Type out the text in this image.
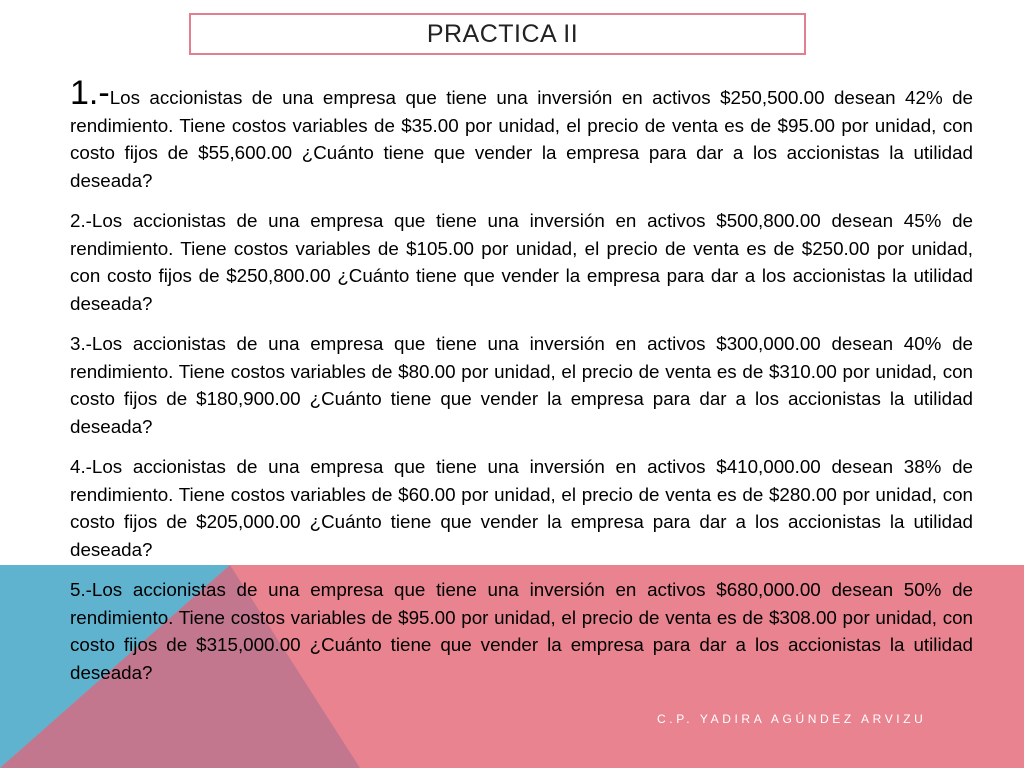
PRACTICA II

1.-Los accionistas de una empresa que tiene una inversión en activos $250,500.00 desean 42% de rendimiento. Tiene costos variables de $35.00 por unidad, el precio de venta es de $95.00 por unidad, con costo fijos de $55,600.00 ¿Cuánto tiene que vender la empresa para dar a los accionistas la utilidad deseada?

2.-Los accionistas de una empresa que tiene una inversión en activos $500,800.00 desean 45% de rendimiento. Tiene costos variables de $105.00 por unidad, el precio de venta es de $250.00 por unidad, con costo fijos de $250,800.00 ¿Cuánto tiene que vender la empresa para dar a los accionistas la utilidad deseada?

3.-Los accionistas de una empresa que tiene una inversión en activos $300,000.00 desean 40% de rendimiento. Tiene costos variables de $80.00 por unidad, el precio de venta es de $310.00 por unidad, con costo fijos de $180,900.00 ¿Cuánto tiene que vender la empresa para dar a los accionistas la utilidad deseada?

4.-Los accionistas de una empresa que tiene una inversión en activos $410,000.00 desean 38% de rendimiento. Tiene costos variables de $60.00 por unidad, el precio de venta es de $280.00 por unidad, con costo fijos de $205,000.00 ¿Cuánto tiene que vender la empresa para dar a los accionistas la utilidad deseada?

5.-Los accionistas de una empresa que tiene una inversión en activos $680,000.00 desean 50% de rendimiento. Tiene costos variables de $95.00 por unidad, el precio de venta es de $308.00 por unidad, con costo fijos de $315,000.00 ¿Cuánto tiene que vender la empresa para dar a los accionistas la utilidad deseada?

C.P. YADIRA AGÚNDEZ ARVIZU
